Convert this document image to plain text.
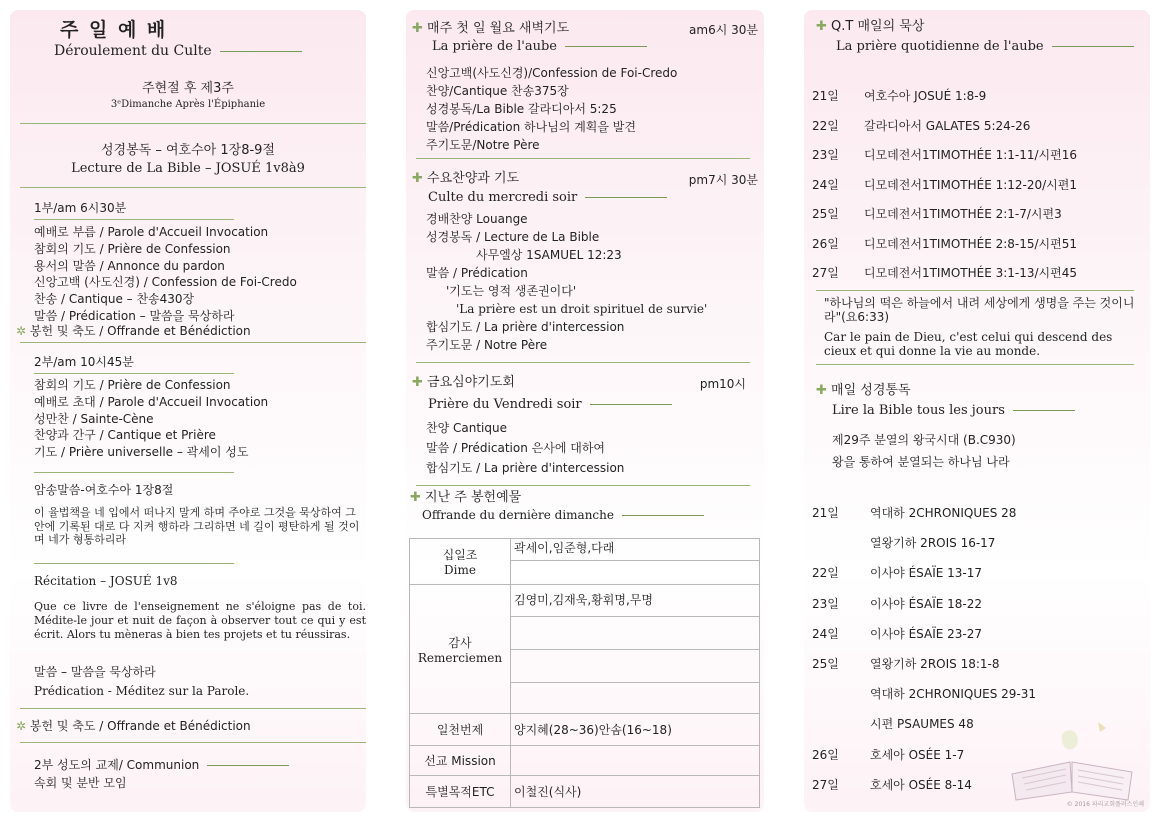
주 일 예 배
Déroulement du Culte
주현절 후 제3주
3ᵉDimanche Après l'Épiphanie
성경봉독 – 여호수아 1장8-9절
Lecture de La Bible – JOSUÉ 1v8à9
1부/am 6시30분
예배로 부름 / Parole d'Accueil Invocation
참회의 기도 / Prière de Confession
용서의 말씀 / Annonce du pardon
신앙고백 (사도신경) / Confession de Foi-Credo
찬송 / Cantique – 찬송430장
말씀 / Prédication – 말씀을 묵상하라
✲ 봉헌 및 축도 / Offrande et Bénédiction
2부/am 10시45분
참회의 기도 / Prière de Confession
예배로 초대 / Parole d'Accueil Invocation
성만찬 / Sainte-Cène
찬양과 간구 / Cantique et Prière
기도 / Prière universelle – 곽세이 성도
암송말씀-여호수아 1장8절
이 율법책을 네 입에서 떠나지 말게 하며 주야로 그것을 묵상하여 그 안에 기록된 대로 다 지켜 행하라 그리하면 네 길이 평탄하게 될 것이며 네가 형통하리라
Récitation – JOSUÉ 1v8
Que ce livre de l'enseignement ne s'éloigne pas de toi. Médite-le jour et nuit de façon à observer tout ce qui y est écrit. Alors tu mèneras à bien tes projets et tu réussiras.
말씀 – 말씀을 묵상하라
Prédication - Méditez sur la Parole.
✲ 봉헌 및 축도 / Offrande et Bénédiction
2부 성도의 교제/ Communion
속회 및 분반 모임
✚ 매주 첫 일 월요 새벽기도	am6시 30분
La prière de l'aube
신앙고백(사도신경)/Confession de Foi-Credo
찬양/Cantique 찬송375장
성경봉독/La Bible 갈라디아서 5:25
말씀/Prédication 하나님의 계획을 발견
주기도문/Notre Père
✚ 수요찬양과 기도	pm7시 30분
Culte du mercredi soir
경배찬양 Louange
성경봉독 / Lecture de La Bible
사무엘상 1SAMUEL 12:23
말씀 / Prédication
'기도는 영적 생존권이다'
'La prière est un droit spirituel de survie'
합심기도 / La prière d'intercession
주기도문 / Notre Père
✚ 금요심야기도회	pm10시
Prière du Vendredi soir
찬양 Cantique
말씀 / Prédication 은사에 대하여
합심기도 / La prière d'intercession
✚ 지난 주 봉헌예물
Offrande du dernière dimanche
십일조
Dime	곽세이,임준형,다래

감사
Remerciemen	김영미,김재욱,황휘명,무명

일천번제	양지혜(28~36)안솜(16~18)
선교 Mission	
특별목적ETC	이철진(식사)
✚ Q.T 매일의 묵상
La prière quotidienne de l'aube
21일 여호수아 JOSUÉ 1:8-9
22일 갈라디아서 GALATES 5:24-26
23일 디모데전서1TIMOTHÉE 1:1-11/시편16
24일 디모데전서1TIMOTHÉE 1:12-20/시편1
25일 디모데전서1TIMOTHÉE 2:1-7/시편3
26일 디모데전서1TIMOTHÉE 2:8-15/시편51
27일 디모데전서1TIMOTHÉE 3:1-13/시편45
"하나님의 떡은 하늘에서 내려 세상에게 생명을 주는 것이니라"(요6:33)
Car le pain de Dieu, c'est celui qui descend des cieux et qui donne la vie au monde.
✚ 매일 성경통독
Lire la Bible tous les jours
제29주 분열의 왕국시대 (B.C930)
왕을 통하여 분열되는 하나님 나라
21일	역대하 2CHRONIQUES 28
열왕기하 2ROIS 16-17
22일	이사야 ÉSAÏE 13-17
23일	이사야 ÉSAÏE 18-22
24일	이사야 ÉSAÏE 23-27
25일	열왕기하 2ROIS 18:1-8
역대하 2CHRONIQUES 29-31
시편 PSAUMES 48
26일	호세아 OSÉE 1-7
27일	호세아 OSÉE 8-14
© 2016 파리교회플러스인쇄
